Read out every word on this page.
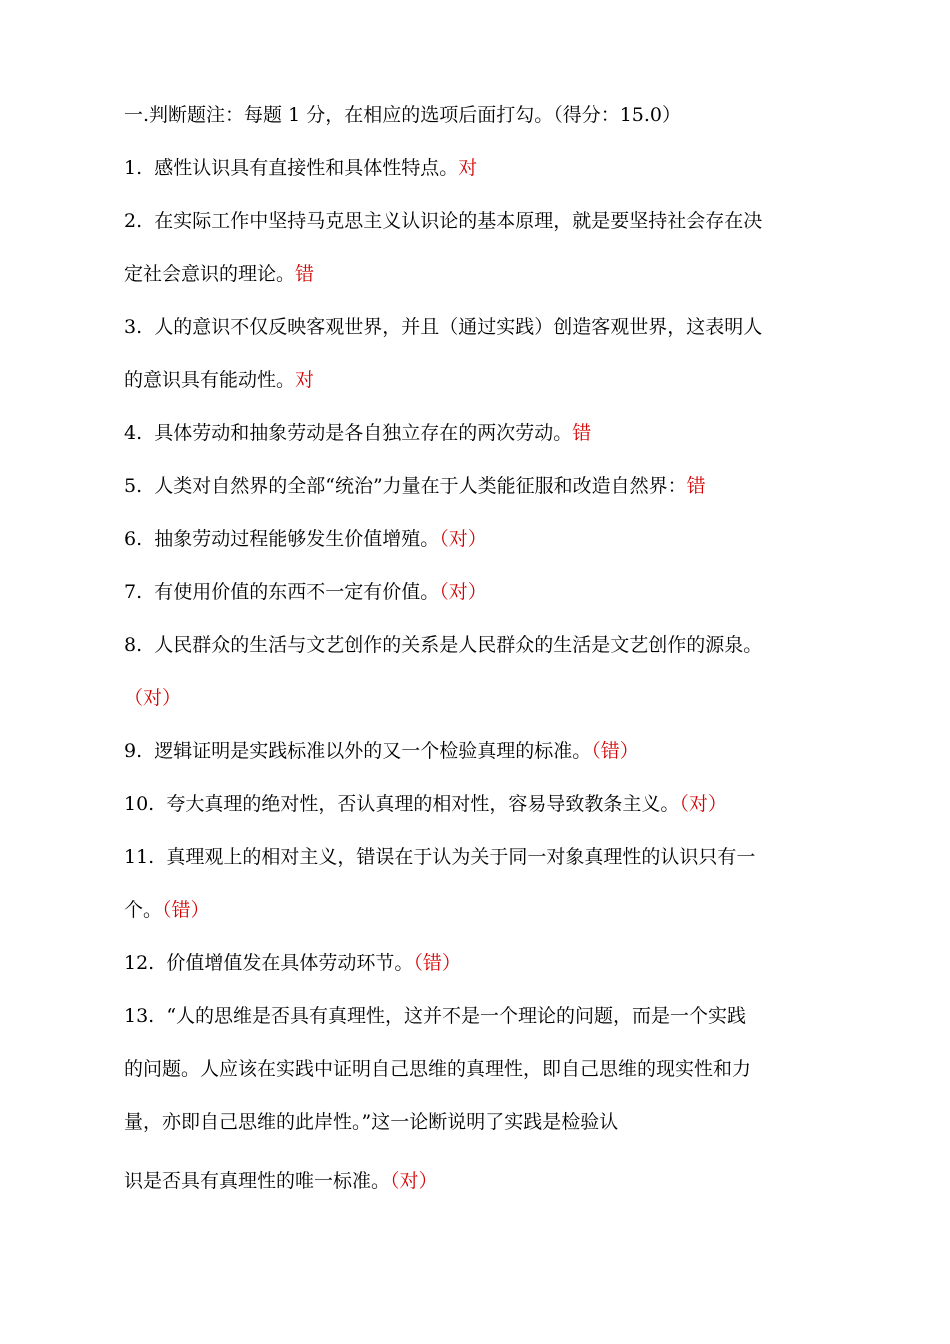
一.判断题注：每题 1 分，在相应的选项后面打勾。（得分：15.0）
1. 感性认识具有直接性和具体性特点。对
2. 在实际工作中坚持马克思主义认识论的基本原理，就是要坚持社会存在决
定社会意识的理论。错
3. 人的意识不仅反映客观世界，并且（通过实践）创造客观世界，这表明人
的意识具有能动性。对
4. 具体劳动和抽象劳动是各自独立存在的两次劳动。错
5. 人类对自然界的全部“统治”力量在于人类能征服和改造自然界：错
6. 抽象劳动过程能够发生价值增殖。（对）
7. 有使用价值的东西不一定有价值。（对）
8. 人民群众的生活与文艺创作的关系是人民群众的生活是文艺创作的源泉。
（对）
9. 逻辑证明是实践标准以外的又一个检验真理的标准。（错）
10. 夸大真理的绝对性，否认真理的相对性，容易导致教条主义。（对）
11. 真理观上的相对主义，错误在于认为关于同一对象真理性的认识只有一
个。（错）
12. 价值增值发在具体劳动环节。（错）
13. “人的思维是否具有真理性，这并不是一个理论的问题，而是一个实践
的问题。人应该在实践中证明自己思维的真理性，即自己思维的现实性和力
量，亦即自己思维的此岸性。”这一论断说明了实践是检验认
识是否具有真理性的唯一标准。（对）
